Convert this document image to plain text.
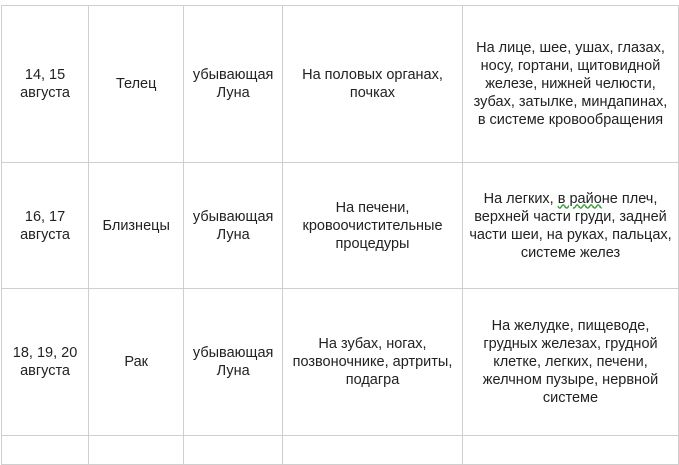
14, 15 августа	Телец	убывающая Луна	На половых органах, почках	На лице, шее, ушах, глазах, носу, гортани, щитовидной железе, нижней челюсти, зубах, затылке, миндапинах, в системе кровообращения
16, 17 августа	Близнецы	убывающая Луна	На печени, кровоочистительные процедуры	На легких, в районе плеч, верхней части груди, задней части шеи, на руках, пальцах, системе желез
18, 19, 20 августа	Рак	убывающая Луна	На зубах, ногах, позвоночнике, артриты, подагра	На желудке, пищеводе, грудных железах, грудной клетке, легких, печени, желчном пузыре, нервной системе
